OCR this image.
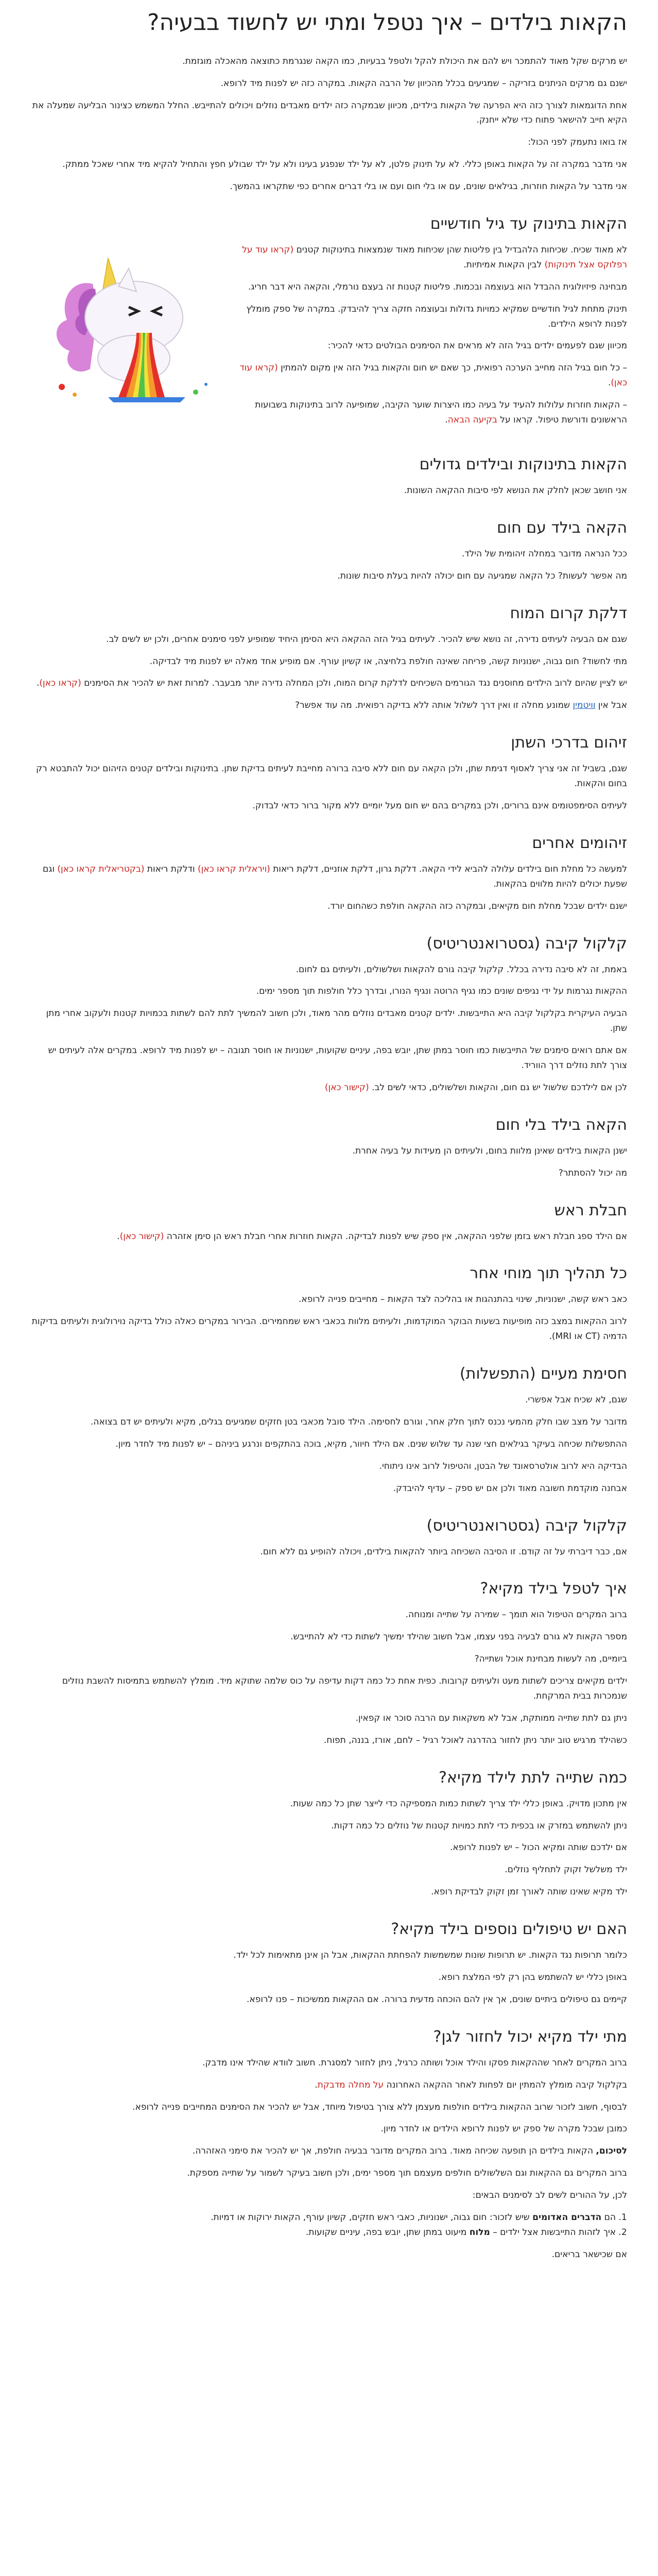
הקאות בילדים – איך נטפל ומתי יש לחשוד בבעיה?

יש מרקים שקל מאוד להתמכר ויש להם את היכולת להקל ולטפל בבעיות, כמו הקאה שנגרמת כתוצאה מהאכלה מוגזמת.

ישנם גם מרקים הניתנים בזריקה – שמגיעים בכלל מהכיוון של הרבה הקאות. במקרה כזה יש לפנות מיד לרופא.

אחת הדוגמאות לצורך כזה היא הפרעה של הקאות בילדים, מכיוון שבמקרה כזה ילדים מאבדים נוזלים ויכולים להתייבש. החלל המשמש כצינור הבליעה שמעלה את הקיא חייב להישאר פתוח כדי שלא ייחנק.

אז בואו נתעמק לפני הכול:

אני מדבר במקרה זה על הקאות באופן כללי. לא על תינוק פלטן, לא על ילד שנפגע בעינו ולא על ילד שבולע חפץ והתחיל להקיא מיד אחרי שאכל ממתק.

אני מדבר על הקאות חוזרות, בגילאים שונים, עם או בלי חום ועם או בלי דברים אחרים כפי שתקראו בהמשך.

הקאות בתינוק עד גיל חודשיים

לא מאוד שכיח. שכיחות הלהבדיל בין פליטות שהן שכיחות מאוד שנמצאות בתינוקות קטנים (קראו עוד על רפלוקס אצל תינוקות) לבין הקאות אמיתיות.

מבחינה פיזיולוגית ההבדל הוא בעוצמה ובכמות. פליטות קטנות זה בעצם נורמלי, והקאה היא דבר חריג.

תינוק מתחת לגיל חודשיים שמקיא כמויות גדולות ובעוצמה חזקה צריך להיבדק. במקרה של ספק מומלץ לפנות לרופא הילדים.

מכיוון שגם לפעמים ילדים בגיל הזה לא מראים את הסימנים הבולטים כדאי להכיר:

– כל חום בגיל הזה מחייב הערכה רפואית, כך שאם יש חום והקאות בגיל הזה אין מקום להמתין (קראו עוד כאן).

– הקאות חוזרות עלולות להעיד על בעיה כמו היצרות שוער הקיבה, שמופיעה לרוב בתינוקות בשבועות הראשונים ודורשת טיפול. קראו על בקיעה הבאה.

הקאות בתינוקות ובילדים גדולים

אני חושב שכאן לחלק את הנושא לפי סיבות ההקאה השונות.

הקאה בילד עם חום

ככל הנראה מדובר במחלה זיהומית של הילד.

מה אפשר לעשות? כל הקאה שמגיעה עם חום יכולה להיות בעלת סיבות שונות.

דלקת קרום המוח

שגם אם הבעיה לעיתים נדירה, זה נושא שיש להכיר. לעיתים בגיל הזה ההקאה היא הסימן היחיד שמופיע לפני סימנים אחרים, ולכן יש לשים לב.

מתי לחשוד? חום גבוה, ישנוניות קשה, פריחה שאינה חולפת בלחיצה, או קשיון עורף. אם מופיע אחד מאלה יש לפנות מיד לבדיקה.

יש לציין שהיום לרוב הילדים מחוסנים נגד הגורמים השכיחים לדלקת קרום המוח, ולכן המחלה נדירה יותר מבעבר. למרות זאת יש להכיר את הסימנים (קראו כאן).

אבל אין וויטמין שמונע מחלה זו ואין דרך לשלול אותה ללא בדיקה רפואית. מה עוד אפשר?

זיהום בדרכי השתן

שגם, בשביל זה אני צריך לאסוף דגימת שתן, ולכן הקאה עם חום ללא סיבה ברורה מחייבת לעיתים בדיקת שתן. בתינוקות ובילדים קטנים הזיהום יכול להתבטא רק בחום והקאות.

לעיתים הסימפטומים אינם ברורים, ולכן במקרים בהם יש חום מעל יומיים ללא מקור ברור כדאי לבדוק.

זיהומים אחרים

למעשה כל מחלת חום בילדים עלולה להביא לידי הקאה. דלקת גרון, דלקת אוזניים, דלקת ריאות (ויראלית קראו כאן) ודלקת ריאות (בקטריאלית קראו כאן) וגם שפעת יכולים להיות מלווים בהקאות.

ישנם ילדים שבכל מחלת חום מקיאים, ובמקרה כזה ההקאה חולפת כשהחום יורד.

קלקול קיבה (גסטרואנטריטיס)

באמת, זה לא סיבה נדירה בכלל. קלקול קיבה גורם להקאות ושלשולים, ולעיתים גם לחום.

ההקאות נגרמות על ידי נגיפים שונים כמו נגיף הרוטה ונגיף הנורו, ובדרך כלל חולפות תוך מספר ימים.

הבעיה העיקרית בקלקול קיבה היא התייבשות. ילדים קטנים מאבדים נוזלים מהר מאוד, ולכן חשוב להמשיך לתת להם לשתות בכמויות קטנות ולעקוב אחרי מתן שתן.

אם אתם רואים סימנים של התייבשות כמו חוסר במתן שתן, יובש בפה, עיניים שקועות, ישנוניות או חוסר תגובה – יש לפנות מיד לרופא. במקרים אלה לעיתים יש צורך לתת נוזלים דרך הווריד.

לכן אם לילדכם שלשול יש גם חום, והקאות ושלשולים, כדאי לשים לב. (קישור כאן)

הקאה בילד בלי חום

ישנן הקאות בילדים שאינן מלוות בחום, ולעיתים הן מעידות על בעיה אחרת.

מה יכול להסתתר?

חבלת ראש

אם הילד ספג חבלת ראש בזמן שלפני ההקאה, אין ספק שיש לפנות לבדיקה. הקאות חוזרות אחרי חבלת ראש הן סימן אזהרה (קישור כאן).

כל תהליך תוך מוחי אחר

כאב ראש קשה, ישנוניות, שינוי בהתנהגות או בהליכה לצד הקאות – מחייבים פנייה לרופא.

לרוב ההקאות במצב כזה מופיעות בשעות הבוקר המוקדמות, ולעיתים מלוות בכאבי ראש שמחמירים. הבירור במקרים כאלה כולל בדיקה נוירולוגית ולעיתים בדיקות הדמיה (CT או MRI).

חסימת מעיים (התפשלות)

שגם, לא שכיח אבל אפשרי.

מדובר על מצב שבו חלק מהמעי נכנס לתוך חלק אחר, וגורם לחסימה. הילד סובל מכאבי בטן חזקים שמגיעים בגלים, מקיא ולעיתים יש דם בצואה.

ההתפשלות שכיחה בעיקר בגילאים חצי שנה עד שלוש שנים. אם הילד חיוור, מקיא, בוכה בהתקפים ונרגע ביניהם – יש לפנות מיד לחדר מיון.

הבדיקה היא לרוב אולטרסאונד של הבטן, והטיפול לרוב אינו ניתוחי.

אבחנה מוקדמת חשובה מאוד ולכן אם יש ספק – עדיף להיבדק.

קלקול קיבה (גסטרואנטריטיס)

אם, כבר דיברתי על זה קודם. זו הסיבה השכיחה ביותר להקאות בילדים, ויכולה להופיע גם ללא חום.

איך לטפל בילד מקיא?

ברוב המקרים הטיפול הוא תומך – שמירה על שתייה ומנוחה.

מספר הקאות לא גורם לבעיה בפני עצמו, אבל חשוב שהילד ימשיך לשתות כדי לא להתייבש.

ביומיים, מה לעשות מבחינת אוכל ושתייה?

ילדים מקיאים צריכים לשתות מעט ולעיתים קרובות. כפית אחת כל כמה דקות עדיפה על כוס שלמה שתוקא מיד. מומלץ להשתמש בתמיסות להשבת נוזלים שנמכרות בבית המרקחת.

ניתן גם לתת שתייה ממותקת, אבל לא משקאות עם הרבה סוכר או קפאין.

כשהילד מרגיש טוב יותר ניתן לחזור בהדרגה לאוכל רגיל – לחם, אורז, בננה, תפוח.

כמה שתייה לתת לילד מקיא?

אין מתכון מדויק. באופן כללי ילד צריך לשתות כמות המספיקה כדי לייצר שתן כל כמה שעות.

ניתן להשתמש במזרק או בכפית כדי לתת כמויות קטנות של נוזלים כל כמה דקות.

אם ילדכם שותה ומקיא הכול – יש לפנות לרופא.

ילד משלשל זקוק לתחליף נוזלים.

ילד מקיא שאינו שותה לאורך זמן זקוק לבדיקת רופא.

האם יש טיפולים נוספים בילד מקיא?

כלומר תרופות נגד הקאות. יש תרופות שונות שמשמשות להפחתת ההקאות, אבל הן אינן מתאימות לכל ילד.

באופן כללי יש להשתמש בהן רק לפי המלצת רופא.

קיימים גם טיפולים ביתיים שונים, אך אין להם הוכחה מדעית ברורה. אם ההקאות ממשיכות – פנו לרופא.

מתי ילד מקיא יכול לחזור לגן?

ברוב המקרים לאחר שההקאות פסקו והילד אוכל ושותה כרגיל, ניתן לחזור למסגרת. חשוב לוודא שהילד אינו מדבק.

בקלקול קיבה מומלץ להמתין יום לפחות לאחר ההקאה האחרונה על מחלה מדבקת.

לבסוף, חשוב לזכור שרוב ההקאות בילדים חולפות מעצמן ללא צורך בטיפול מיוחד, אבל יש להכיר את הסימנים המחייבים פנייה לרופא.

כמובן שבכל מקרה של ספק יש לפנות לרופא הילדים או לחדר מיון.

לסיכום, הקאות בילדים הן תופעה שכיחה מאוד. ברוב המקרים מדובר בבעיה חולפת, אך יש להכיר את סימני האזהרה.

ברוב המקרים גם ההקאות וגם השלשולים חולפים מעצמם תוך מספר ימים, ולכן חשוב בעיקר לשמור על שתייה מספקת.

לכן, על ההורים לשים לב לסימנים הבאים:

1. הם הדברים האדומים שיש לזכור: חום גבוה, ישנוניות, כאבי ראש חזקים, קשיון עורף, הקאות ירוקות או דמיות.
2. איך לזהות התייבשות אצל ילדים – מלוח מיעוט במתן שתן, יובש בפה, עיניים שקועות.

אם שכישאר בריאים.
